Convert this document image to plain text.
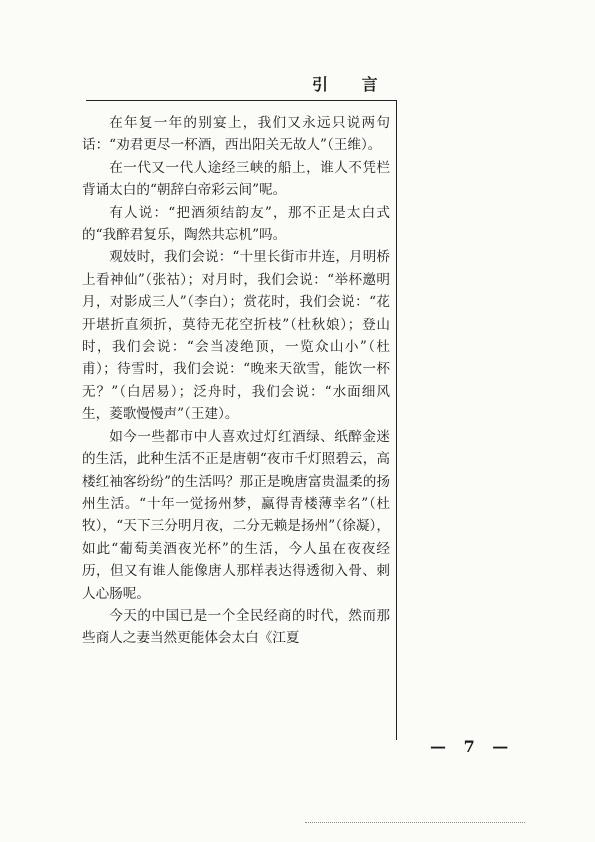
引 言

在年复一年的别宴上，我们又永远只说两句话：“劝君更尽一杯酒，西出阳关无故人”（王维）。

在一代又一代人途经三峡的船上，谁人不凭栏背诵太白的“朝辞白帝彩云间”呢。

有人说：“把酒须结韵友”，那不正是太白式的“我醉君复乐，陶然共忘机”吗。

观妓时，我们会说：“十里长街市井连，月明桥上看神仙”（张祜）；对月时，我们会说：“举杯邀明月，对影成三人”（李白）；赏花时，我们会说：“花开堪折直须折，莫待无花空折枝”（杜秋娘）；登山时，我们会说：“会当凌绝顶，一览众山小”（杜甫）；待雪时，我们会说：“晚来天欲雪，能饮一杯无？”（白居易）；泛舟时，我们会说：“水面细风生，菱歌慢慢声”（王建）。

如今一些都市中人喜欢过灯红酒绿、纸醉金迷的生活，此种生活不正是唐朝“夜市千灯照碧云，高楼红袖客纷纷”的生活吗？那正是晚唐富贵温柔的扬州生活。“十年一觉扬州梦，赢得青楼薄幸名”（杜牧），“天下三分明月夜，二分无赖是扬州”（徐凝），如此“葡萄美酒夜光杯”的生活，今人虽在夜夜经历，但又有谁人能像唐人那样表达得透彻入骨、刺人心肠呢。

今天的中国已是一个全民经商的时代，然而那些商人之妻当然更能体会太白《江夏

— 7 —
